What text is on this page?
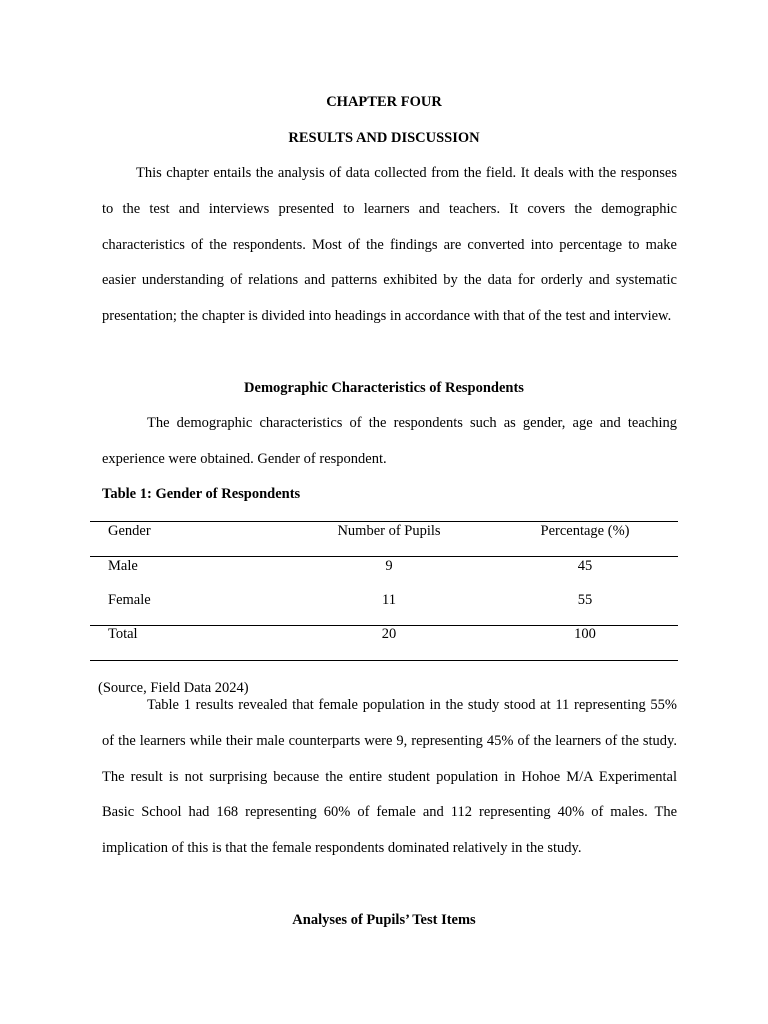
CHAPTER FOUR

RESULTS AND DISCUSSION

This chapter entails the analysis of data collected from the field. It deals with the responses to the test and interviews presented to learners and teachers. It covers the demographic characteristics of the respondents. Most of the findings are converted into percentage to make easier understanding of relations and patterns exhibited by the data for orderly and systematic presentation; the chapter is divided into headings in accordance with that of the test and interview.

Demographic Characteristics of Respondents

The demographic characteristics of the respondents such as gender, age and teaching experience were obtained. Gender of respondent.

Table 1: Gender of Respondents

Gender	Number of Pupils	Percentage (%)
Male	9	45
Female	11	55
Total	20	100

(Source, Field Data 2024)

Table 1 results revealed that female population in the study stood at 11 representing 55% of the learners while their male counterparts were 9, representing 45% of the learners of the study. The result is not surprising because the entire student population in Hohoe M/A Experimental Basic School had 168 representing 60% of female and 112 representing 40% of males. The implication of this is that the female respondents dominated relatively in the study.

Analyses of Pupils’ Test Items
